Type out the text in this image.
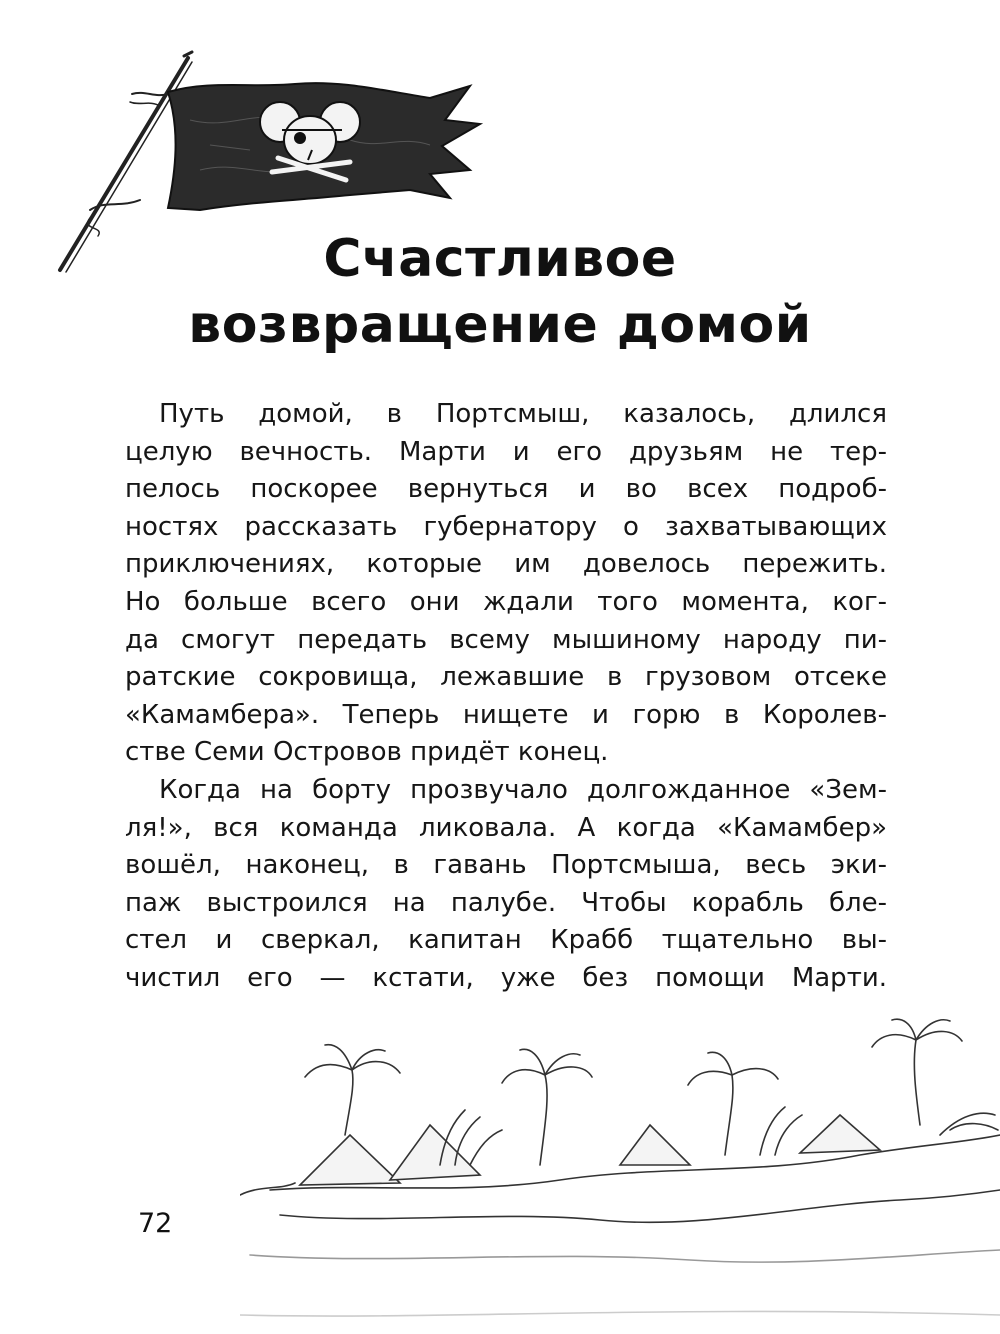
Счастливое
возвращение домой
Путь домой, в Портсмыш, казалось, длился
целую вечность. Марти и его друзьям не тер-
пелось поскорее вернуться и во всех подроб-
ностях рассказать губернатору о захватывающих
приключениях, которые им довелось пережить.
Но больше всего они ждали того момента, ког-
да смогут передать всему мышиному народу пи-
ратские сокровища, лежавшие в грузовом отсеке
«Камамбера». Теперь нищете и горю в Королев-
стве Семи Островов придёт конец.
Когда на борту прозвучало долгожданное «Зем-
ля!», вся команда ликовала. А когда «Камамбер»
вошёл, наконец, в гавань Портсмыша, весь эки-
паж выстроился на палубе. Чтобы корабль бле-
стел и сверкал, капитан Крабб тщательно вы-
чистил его — кстати, уже без помощи Марти.
72
